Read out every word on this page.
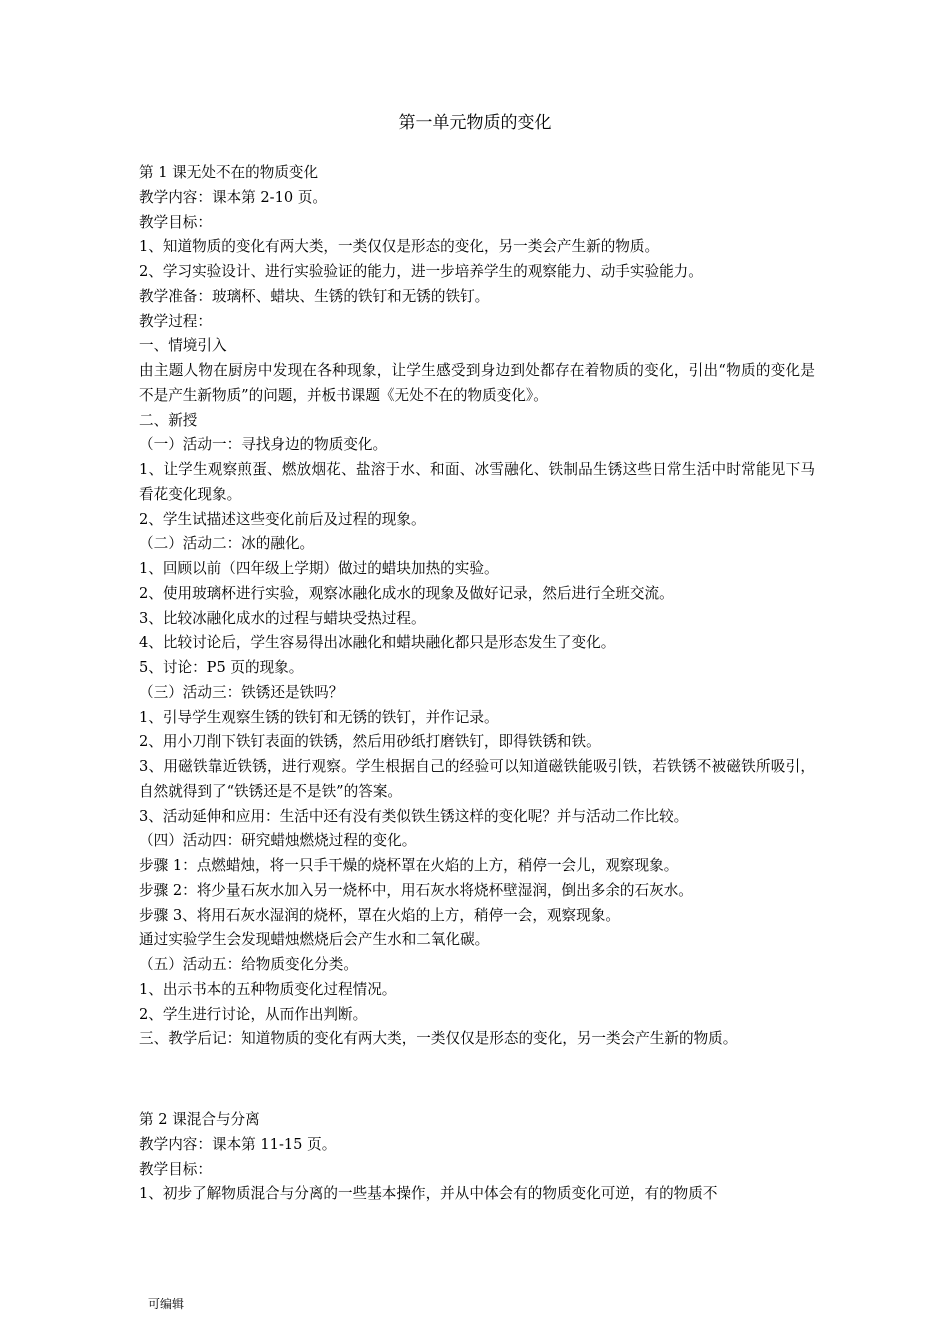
第一单元物质的变化

第 1 课无处不在的物质变化

教学内容：课本第 2-10 页。

教学目标：

1、知道物质的变化有两大类，一类仅仅是形态的变化，另一类会产生新的物质。

2、学习实验设计、进行实验验证的能力，进一步培养学生的观察能力、动手实验能力。

教学准备：玻璃杯、蜡块、生锈的铁钉和无锈的铁钉。

教学过程：

一、情境引入

由主题人物在厨房中发现在各种现象，让学生感受到身边到处都存在着物质的变化，引出“物质的变化是不是产生新物质”的问题，并板书课题《无处不在的物质变化》。

二、新授

（一）活动一：寻找身边的物质变化。

1、让学生观察煎蛋、燃放烟花、盐溶于水、和面、冰雪融化、铁制品生锈这些日常生活中时常能见下马看花变化现象。

2、学生试描述这些变化前后及过程的现象。

（二）活动二：冰的融化。

1、回顾以前（四年级上学期）做过的蜡块加热的实验。

2、使用玻璃杯进行实验，观察冰融化成水的现象及做好记录，然后进行全班交流。

3、比较冰融化成水的过程与蜡块受热过程。

4、比较讨论后，学生容易得出冰融化和蜡块融化都只是形态发生了变化。

5、讨论：P5 页的现象。

（三）活动三：铁锈还是铁吗？

1、引导学生观察生锈的铁钉和无锈的铁钉，并作记录。

2、用小刀削下铁钉表面的铁锈，然后用砂纸打磨铁钉，即得铁锈和铁。

3、用磁铁靠近铁锈，进行观察。学生根据自己的经验可以知道磁铁能吸引铁，若铁锈不被磁铁所吸引，自然就得到了“铁锈还是不是铁”的答案。

3、活动延伸和应用：生活中还有没有类似铁生锈这样的变化呢？并与活动二作比较。

（四）活动四：研究蜡烛燃烧过程的变化。

步骤 1：点燃蜡烛，将一只手干燥的烧杯罩在火焰的上方，稍停一会儿，观察现象。

步骤 2：将少量石灰水加入另一烧杯中，用石灰水将烧杯壁湿润，倒出多余的石灰水。

步骤 3、将用石灰水湿润的烧杯，罩在火焰的上方，稍停一会，观察现象。

通过实验学生会发现蜡烛燃烧后会产生水和二氧化碳。

（五）活动五：给物质变化分类。

1、出示书本的五种物质变化过程情况。

2、学生进行讨论，从而作出判断。

三、教学后记：知道物质的变化有两大类，一类仅仅是形态的变化，另一类会产生新的物质。

第 2 课混合与分离

教学内容：课本第 11-15 页。

教学目标：

1、初步了解物质混合与分离的一些基本操作，并从中体会有的物质变化可逆，有的物质不

可编辑
